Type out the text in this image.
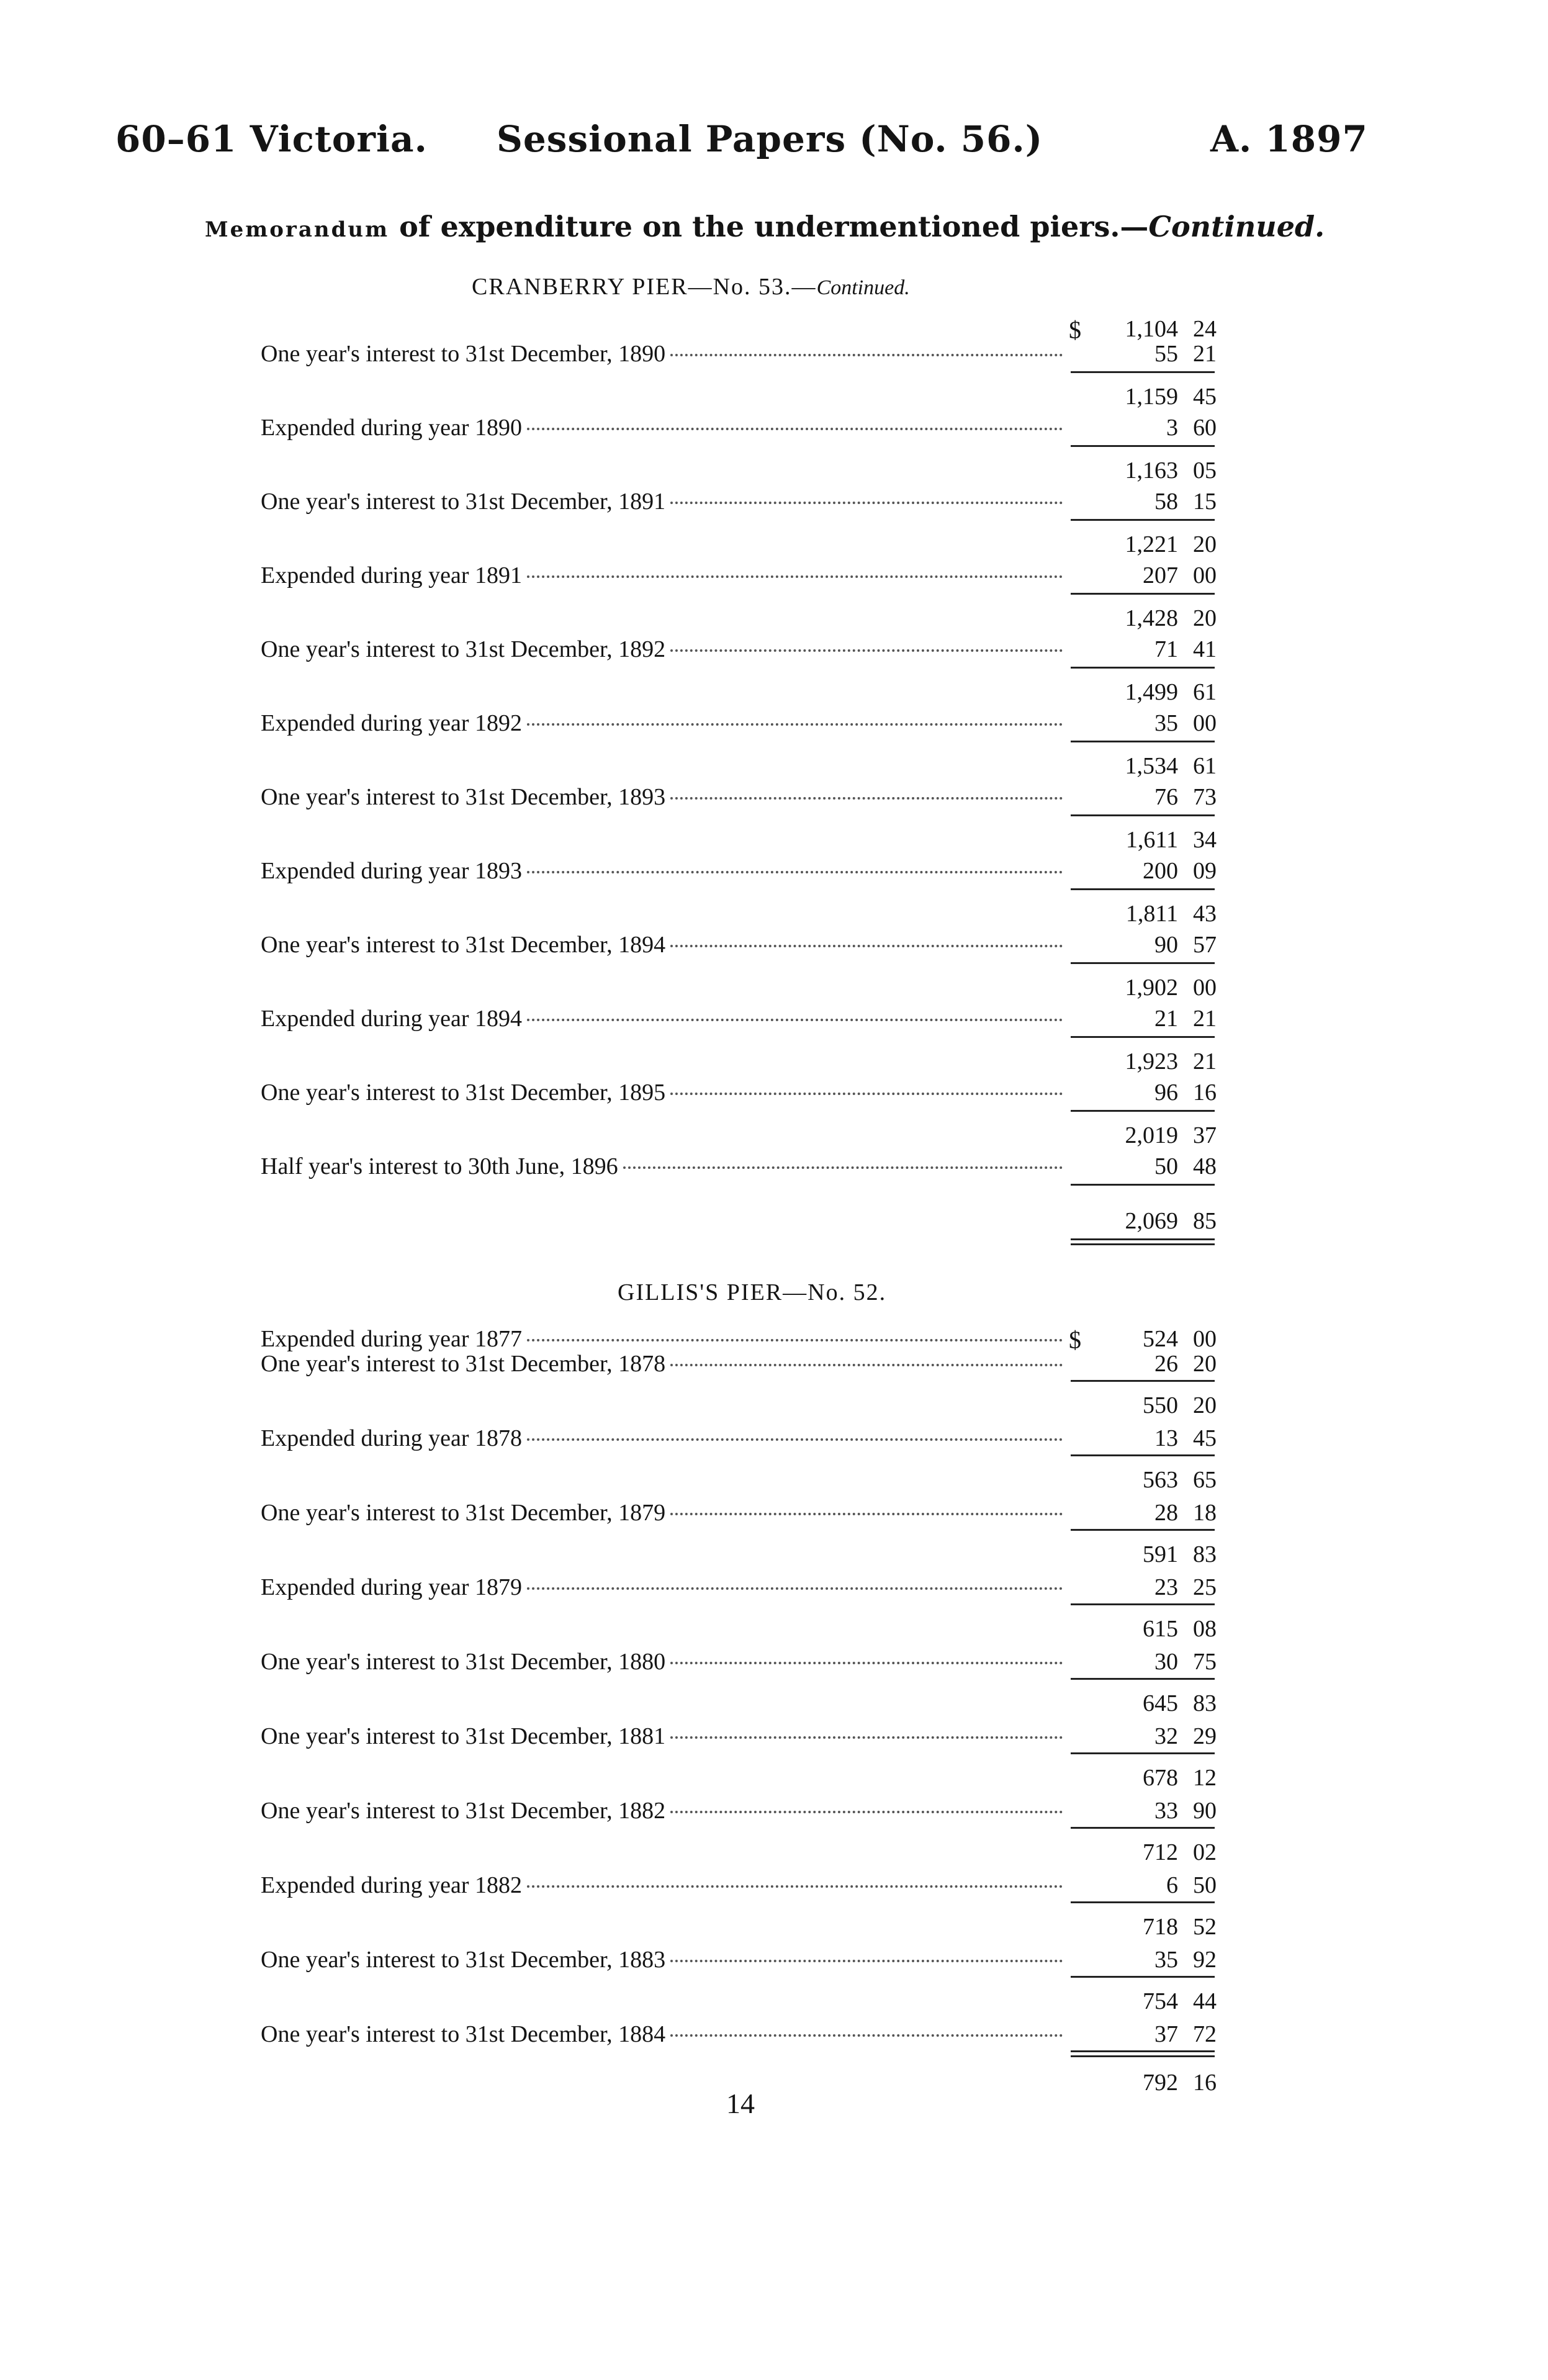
60–61 Victoria. Sessional Papers (No. 56.)	A. 1897
Memorandum of expenditure on the undermentioned piers.—Continued.
CRANBERRY PIER—No. 53.—Continued.
$	1,104 24
One year's interest to 31st December, 1890	55 21
1,159 45
Expended during year 1890	3 60
1,163 05
One year's interest to 31st December, 1891	58 15
1,221 20
Expended during year 1891	207 00
1,428 20
One year's interest to 31st December, 1892	71 41
1,499 61
Expended during year 1892	35 00
1,534 61
One year's interest to 31st December, 1893	76 73
1,611 34
Expended during year 1893	200 09
1,811 43
One year's interest to 31st December, 1894	90 57
1,902 00
Expended during year 1894	21 21
1,923 21
One year's interest to 31st December, 1895	96 16
2,019 37
Half year's interest to 30th June, 1896	50 48
2,069 85
GILLIS'S PIER—No. 52.
Expended during year 1877	$	524 00
One year's interest to 31st December, 1878	26 20
550 20
Expended during year 1878	13 45
563 65
One year's interest to 31st December, 1879	28 18
591 83
Expended during year 1879	23 25
615 08
One year's interest to 31st December, 1880	30 75
645 83
One year's interest to 31st December, 1881	32 29
678 12
One year's interest to 31st December, 1882	33 90
712 02
Expended during year 1882	6 50
718 52
One year's interest to 31st December, 1883	35 92
754 44
One year's interest to 31st December, 1884	37 72
792 16
14
